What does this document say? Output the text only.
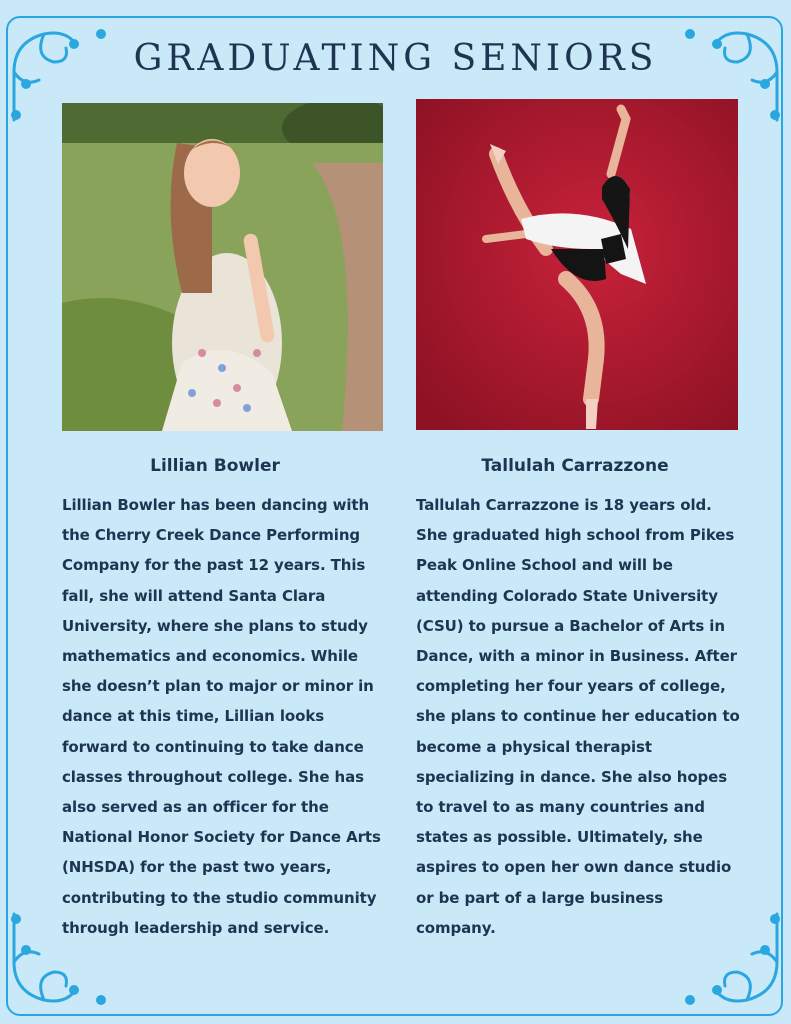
GRADUATING SENIORS
Lillian Bowler	Tallulah Carrazzone
Lillian Bowler has been dancing with the Cherry Creek Dance Performing Company for the past 12 years. This fall, she will attend Santa Clara University, where she plans to study mathematics and economics. While she doesn’t plan to major or minor in dance at this time, Lillian looks forward to continuing to take dance classes throughout college. She has also served as an officer for the National Honor Society for Dance Arts (NHSDA) for the past two years, contributing to the studio community through leadership and service.
Tallulah Carrazzone is 18 years old. She graduated high school from Pikes Peak Online School and will be attending Colorado State University (CSU) to pursue a Bachelor of Arts in Dance, with a minor in Business. After completing her four years of college, she plans to continue her education to become a physical therapist specializing in dance. She also hopes to travel to as many countries and states as possible. Ultimately, she aspires to open her own dance studio or be part of a large business company.
